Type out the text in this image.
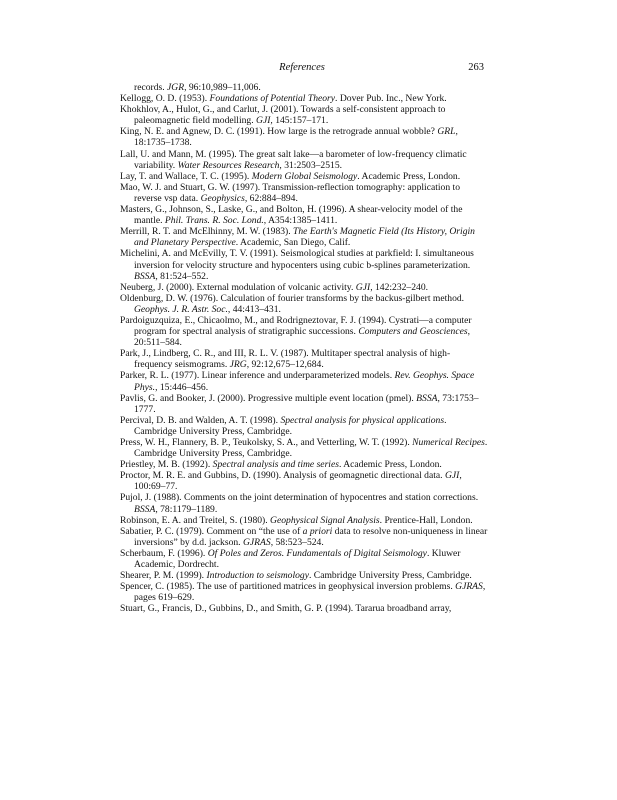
References	263

records. JGR, 96:10,989–11,006.

Kellogg, O. D. (1953). Foundations of Potential Theory. Dover Pub. Inc., New York.

Khokhlov, A., Hulot, G., and Carlut, J. (2001). Towards a self-consistent approach to paleomagnetic field modelling. GJI, 145:157–171.

King, N. E. and Agnew, D. C. (1991). How large is the retrograde annual wobble? GRL, 18:1735–1738.

Lall, U. and Mann, M. (1995). The great salt lake—a barometer of low-frequency climatic variability. Water Resources Research, 31:2503–2515.

Lay, T. and Wallace, T. C. (1995). Modern Global Seismology. Academic Press, London.

Mao, W. J. and Stuart, G. W. (1997). Transmission-reflection tomography: application to reverse vsp data. Geophysics, 62:884–894.

Masters, G., Johnson, S., Laske, G., and Bolton, H. (1996). A shear-velocity model of the mantle. Phil. Trans. R. Soc. Lond., A354:1385–1411.

Merrill, R. T. and McElhinny, M. W. (1983). The Earth's Magnetic Field (Its History, Origin and Planetary Perspective. Academic, San Diego, Calif.

Michelini, A. and McEvilly, T. V. (1991). Seismological studies at parkfield: I. simultaneous inversion for velocity structure and hypocenters using cubic b-splines parameterization. BSSA, 81:524–552.

Neuberg, J. (2000). External modulation of volcanic activity. GJI, 142:232–240.

Oldenburg, D. W. (1976). Calculation of fourier transforms by the backus-gilbert method. Geophys. J. R. Astr. Soc., 44:413–431.

Pardoiguzquiza, E., Chicaolmo, M., and Rodrigneztovar, F. J. (1994). Cystrati—a computer program for spectral analysis of stratigraphic successions. Computers and Geosciences, 20:511–584.

Park, J., Lindberg, C. R., and III, R. L. V. (1987). Multitaper spectral analysis of high-frequency seismograms. JRG, 92:12,675–12,684.

Parker, R. L. (1977). Linear inference and underparameterized models. Rev. Geophys. Space Phys., 15:446–456.

Pavlis, G. and Booker, J. (2000). Progressive multiple event location (pmel). BSSA, 73:1753–1777.

Percival, D. B. and Walden, A. T. (1998). Spectral analysis for physical applications. Cambridge University Press, Cambridge.

Press, W. H., Flannery, B. P., Teukolsky, S. A., and Vetterling, W. T. (1992). Numerical Recipes. Cambridge University Press, Cambridge.

Priestley, M. B. (1992). Spectral analysis and time series. Academic Press, London.

Proctor, M. R. E. and Gubbins, D. (1990). Analysis of geomagnetic directional data. GJI, 100:69–77.

Pujol, J. (1988). Comments on the joint determination of hypocentres and station corrections. BSSA, 78:1179–1189.

Robinson, E. A. and Treitel, S. (1980). Geophysical Signal Analysis. Prentice-Hall, London.

Sabatier, P. C. (1979). Comment on “the use of a priori data to resolve non-uniqueness in linear inversions” by d.d. jackson. GJRAS, 58:523–524.

Scherbaum, F. (1996). Of Poles and Zeros. Fundamentals of Digital Seismology. Kluwer Academic, Dordrecht.

Shearer, P. M. (1999). Introduction to seismology. Cambridge University Press, Cambridge.

Spencer, C. (1985). The use of partitioned matrices in geophysical inversion problems. GJRAS, pages 619–629.

Stuart, G., Francis, D., Gubbins, D., and Smith, G. P. (1994). Tararua broadband array,
